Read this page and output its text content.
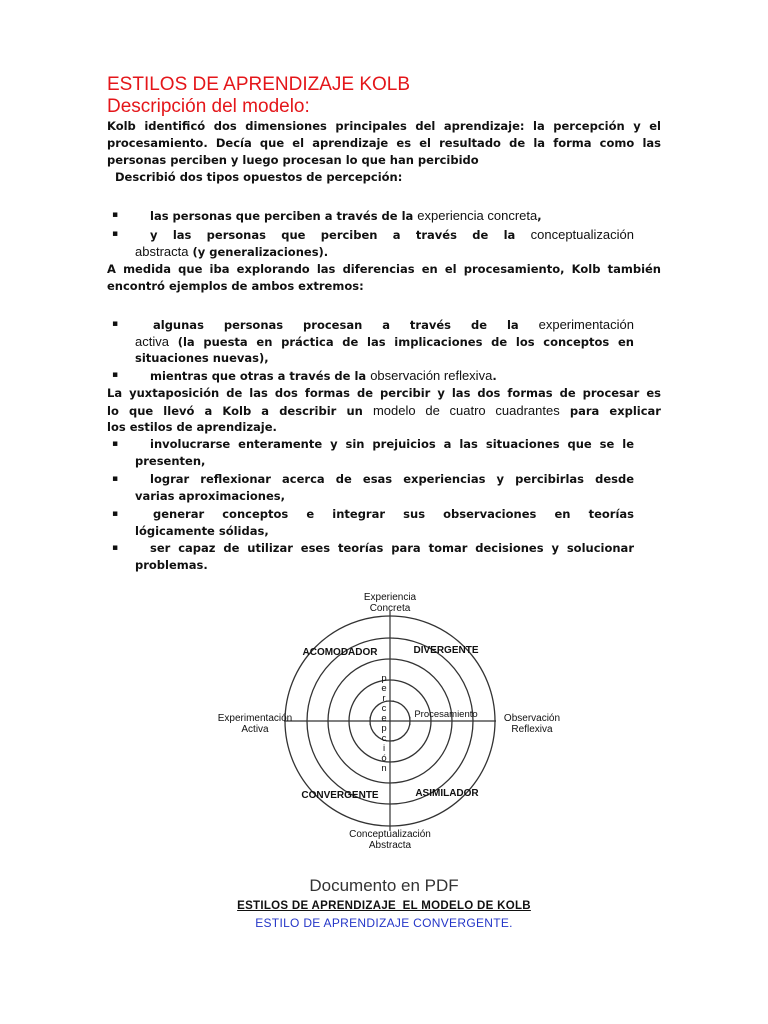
ESTILOS DE APRENDIZAJE KOLB
Descripción del modelo:
Kolb identificó dos dimensiones principales del aprendizaje: la percepción y el
procesamiento. Decía que el aprendizaje es el resultado de la forma como las
personas perciben y luego procesan lo que han percibido
Describió dos tipos opuestos de percepción:
▪	las personas que perciben a través de la experiencia concreta,
▪	y las personas que perciben a través de la conceptualización
abstracta (y generalizaciones).
A medida que iba explorando las diferencias en el procesamiento, Kolb también
encontró ejemplos de ambos extremos:
▪	algunas personas procesan a través de la experimentación
activa (la puesta en práctica de las implicaciones de los conceptos en
situaciones nuevas),
▪	mientras que otras a través de la observación reflexiva.
La yuxtaposición de las dos formas de percibir y las dos formas de procesar es
lo que llevó a Kolb a describir un modelo de cuatro cuadrantes para explicar
los estilos de aprendizaje.
▪	involucrarse enteramente y sin prejuicios a las situaciones que se le
presenten,
▪	lograr reflexionar acerca de esas experiencias y percibirlas desde
varias aproximaciones,
▪	generar conceptos e integrar sus observaciones en teorías
lógicamente sólidas,
▪	ser capaz de utilizar eses teorías para tomar decisiones y solucionar
problemas.
Experiencia
Concreta
Conceptualización
Abstracta
Experimentación
Activa
Observación
Reflexiva
ACOMODADOR	DIVERGENTE
CONVERGENTE	ASIMILADOR
Procesamiento
p
e
r
c
e
p
c
i
ó
n
Documento en PDF
ESTILOS DE APRENDIZAJE_EL MODELO DE KOLB
ESTILO DE APRENDIZAJE CONVERGENTE.
